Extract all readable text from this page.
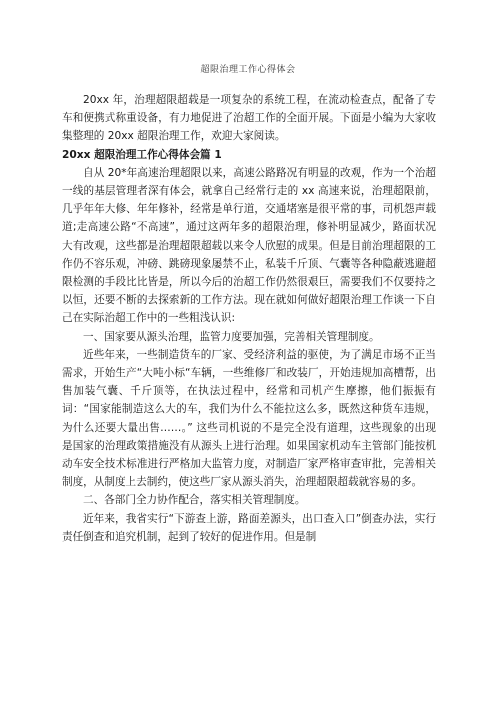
超限治理工作心得体会

20xx 年，治理超限超载是一项复杂的系统工程，在流动检查点，配备了专车和便携式称重设备，有力地促进了治超工作的全面开展。下面是小编为大家收集整理的 20xx 超限治理工作，欢迎大家阅读。

20xx 超限治理工作心得体会篇 1

自从 20*年高速治理超限以来，高速公路路况有明显的改观，作为一个治超一线的基层管理者深有体会，就拿自己经常行走的 xx 高速来说，治理超限前，几乎年年大修、年年修补，经常是单行道，交通堵塞是很平常的事，司机怨声载道;走高速公路“不高速”，通过这两年多的超限治理，修补明显减少，路面状况大有改观，这些都是治理超限超载以来令人欣慰的成果。但是目前治理超限的工作仍不容乐观，冲磅、跳磅现象屡禁不止，私装千斤顶、气囊等各种隐蔽逃避超限检测的手段比比皆是，所以今后的治超工作仍然很艰巨，需要我们不仅要持之以恒，还要不断的去探索新的工作方法。现在就如何做好超限治理工作谈一下自己在实际治超工作中的一些粗浅认识:

一、国家要从源头治理，监管力度要加强，完善相关管理制度。

近些年来，一些制造货车的厂家、受经济利益的驱使，为了满足市场不正当需求，开始生产“大吨小标“车辆，一些维修厂和改装厂，开始违规加高槽帮，出售加装气囊、千斤顶等，在执法过程中，经常和司机产生摩擦，他们振振有词：“国家能制造这么大的车，我们为什么不能拉这么多，既然这种货车违规，为什么还要大量出售……。” 这些司机说的不是完全没有道理，这些现象的出现是国家的治理政策措施没有从源头上进行治理。如果国家机动车主管部门能按机动车安全技术标准进行严格加大监管力度，对制造厂家严格审查审批，完善相关制度，从制度上去制约，使这些厂家从源头消失，治理超限超载就容易的多。

二、各部门全力协作配合，落实相关管理制度。

近年来，我省实行“下游查上游，路面差源头，出口查入口”倒查办法，实行责任倒查和追究机制，起到了较好的促进作用。但是制
